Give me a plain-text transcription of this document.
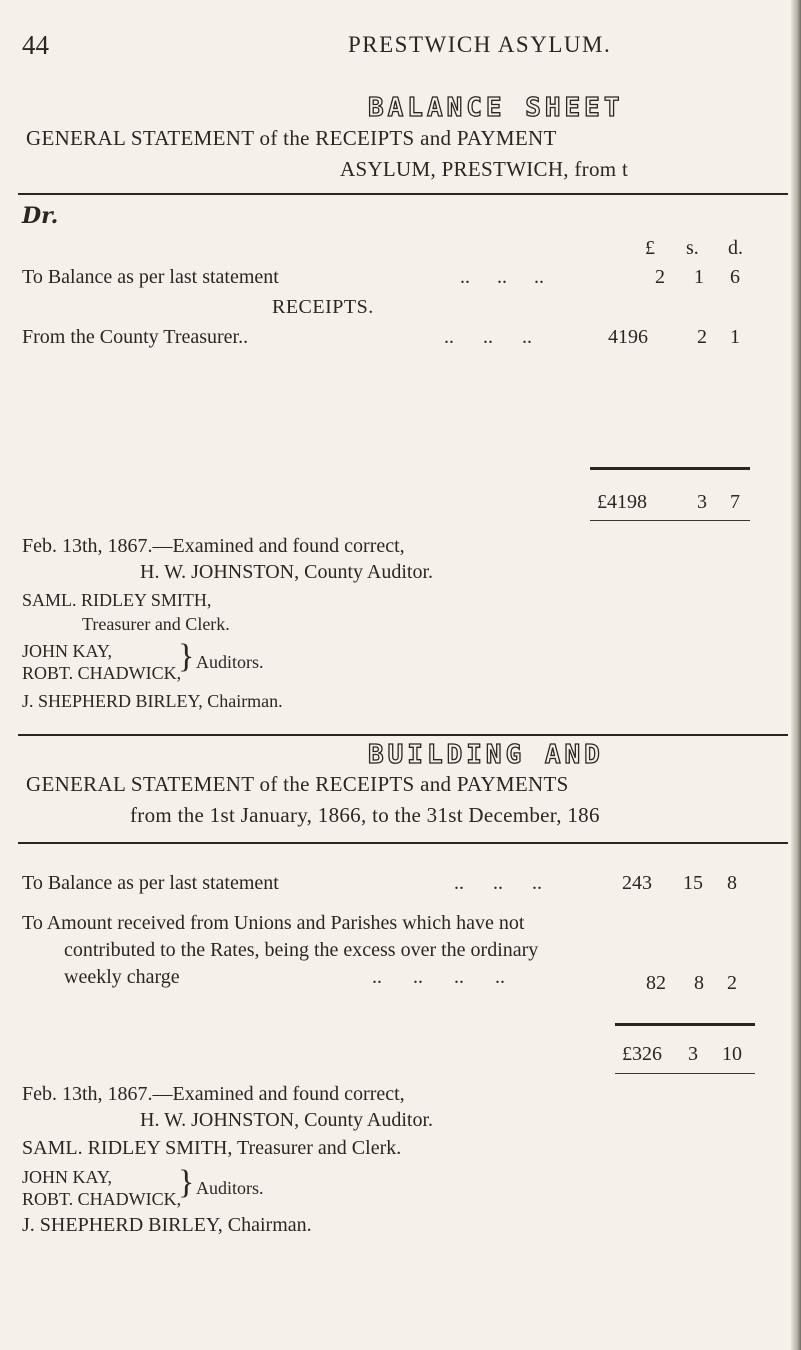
44	PRESTWICH ASYLUM.
BALANCE SHEET
GENERAL STATEMENT of the RECEIPTS and PAYMENT
ASYLUM, PRESTWICH, from t
Dr.
£ s. d.
To Balance as per last statement	.. .. ..	2 1 6
RECEIPTS.
From the County Treasurer..	.. .. ..	4196 2 1
£4198	3 7
Feb. 13th, 1867.—Examined and found correct,
H. W. JOHNSTON, County Auditor.
SAML. RIDLEY SMITH,
Treasurer and Clerk.
JOHN KAY,
ROBT. CHADWICK,
} Auditors.
J. SHEPHERD BIRLEY, Chairman.
BUILDING AND
GENERAL STATEMENT of the RECEIPTS and PAYMENTS
from the 1st January, 1866, to the 31st December, 186
To Balance as per last statement	.. .. ..	243 15 8
To Amount received from Unions and Parishes which have not
contributed to the Rates, being the excess over the ordinary
weekly charge	.. .. .. ..	82 8 2
£326 3 10
Feb. 13th, 1867.—Examined and found correct,
H. W. JOHNSTON, County Auditor.
SAML. RIDLEY SMITH, Treasurer and Clerk.
JOHN KAY,
ROBT. CHADWICK,
} Auditors.
J. SHEPHERD BIRLEY, Chairman.
